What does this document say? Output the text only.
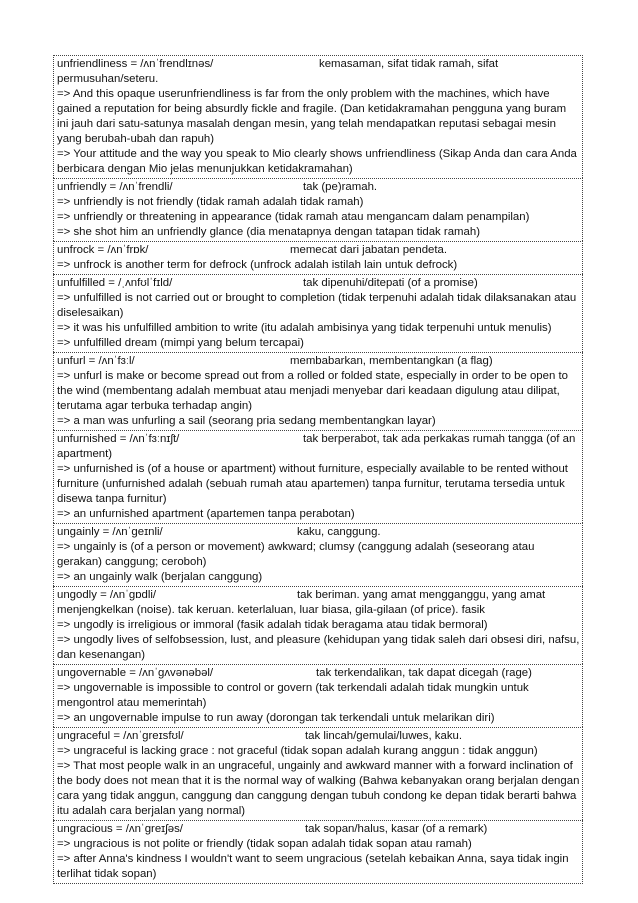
unfriendliness = /ʌnˈfrendlɪnəs/	kemasaman, sifat tidak ramah, sifat permusuhan/seteru.
=> And this opaque userunfriendliness is far from the only problem with the machines, which have gained a reputation for being absurdly fickle and fragile. (Dan ketidakramahan pengguna yang buram ini jauh dari satu-satunya masalah dengan mesin, yang telah mendapatkan reputasi sebagai mesin yang berubah-ubah dan rapuh)
=> Your attitude and the way you speak to Mio clearly shows unfriendliness (Sikap Anda dan cara Anda berbicara dengan Mio jelas menunjukkan ketidakramahan)
unfriendly = /ʌnˈfrendli/	tak (pe)ramah.
=> unfriendly is not friendly (tidak ramah adalah tidak ramah)
=> unfriendly or threatening in appearance (tidak ramah atau mengancam dalam penampilan)
=> she shot him an unfriendly glance (dia menatapnya dengan tatapan tidak ramah)
unfrock = /ʌnˈfrɒk/	memecat dari jabatan pendeta.
=> unfrock is another term for defrock (unfrock adalah istilah lain untuk defrock)
unfulfilled = /ˌʌnfʊlˈfɪld/	tak dipenuhi/ditepati (of a promise)
=> unfulfilled is not carried out or brought to completion (tidak terpenuhi adalah tidak dilaksanakan atau diselesaikan)
=> it was his unfulfilled ambition to write (itu adalah ambisinya yang tidak terpenuhi untuk menulis)
=> unfulfilled dream (mimpi yang belum tercapai)
unfurl = /ʌnˈfɜːl/	membabarkan, membentangkan (a flag)
=> unfurl is make or become spread out from a rolled or folded state, especially in order to be open to the wind (membentang adalah membuat atau menjadi menyebar dari keadaan digulung atau dilipat, terutama agar terbuka terhadap angin)
=> a man was unfurling a sail (seorang pria sedang membentangkan layar)
unfurnished = /ʌnˈfɜːnɪʃt/	tak berperabot, tak ada perkakas rumah tangga (of an apartment)
=> unfurnished is (of a house or apartment) without furniture, especially available to be rented without furniture (unfurnished adalah (sebuah rumah atau apartemen) tanpa furnitur, terutama tersedia untuk disewa tanpa furnitur)
=> an unfurnished apartment (apartemen tanpa perabotan)
ungainly = /ʌnˈɡeɪnli/	kaku, canggung.
=> ungainly is (of a person or movement) awkward; clumsy (canggung adalah (seseorang atau gerakan) canggung; ceroboh)
=> an ungainly walk (berjalan canggung)
ungodly = /ʌnˈɡɒdli/	tak beriman. yang amat mengganggu, yang amat menjengkelkan (noise). tak keruan. keterlaluan, luar biasa, gila-gilaan (of price). fasik
=> ungodly is irreligious or immoral (fasik adalah tidak beragama atau tidak bermoral)
=> ungodly lives of selfobsession, lust, and pleasure (kehidupan yang tidak saleh dari obsesi diri, nafsu, dan kesenangan)
ungovernable = /ʌnˈɡʌvənəbəl/	tak terkendalikan, tak dapat dicegah (rage)
=> ungovernable is impossible to control or govern (tak terkendali adalah tidak mungkin untuk mengontrol atau memerintah)
=> an ungovernable impulse to run away (dorongan tak terkendali untuk melarikan diri)
ungraceful = /ʌnˈɡreɪsfʊl/	tak lincah/gemulai/luwes, kaku.
=> ungraceful is lacking grace : not graceful (tidak sopan adalah kurang anggun : tidak anggun)
=> That most people walk in an ungraceful, ungainly and awkward manner with a forward inclination of the body does not mean that it is the normal way of walking (Bahwa kebanyakan orang berjalan dengan cara yang tidak anggun, canggung dan canggung dengan tubuh condong ke depan tidak berarti bahwa itu adalah cara berjalan yang normal)
ungracious = /ʌnˈɡreɪʃəs/	tak sopan/halus, kasar (of a remark)
=> ungracious is not polite or friendly (tidak sopan adalah tidak sopan atau ramah)
=> after Anna's kindness I wouldn't want to seem ungracious (setelah kebaikan Anna, saya tidak ingin terlihat tidak sopan)
